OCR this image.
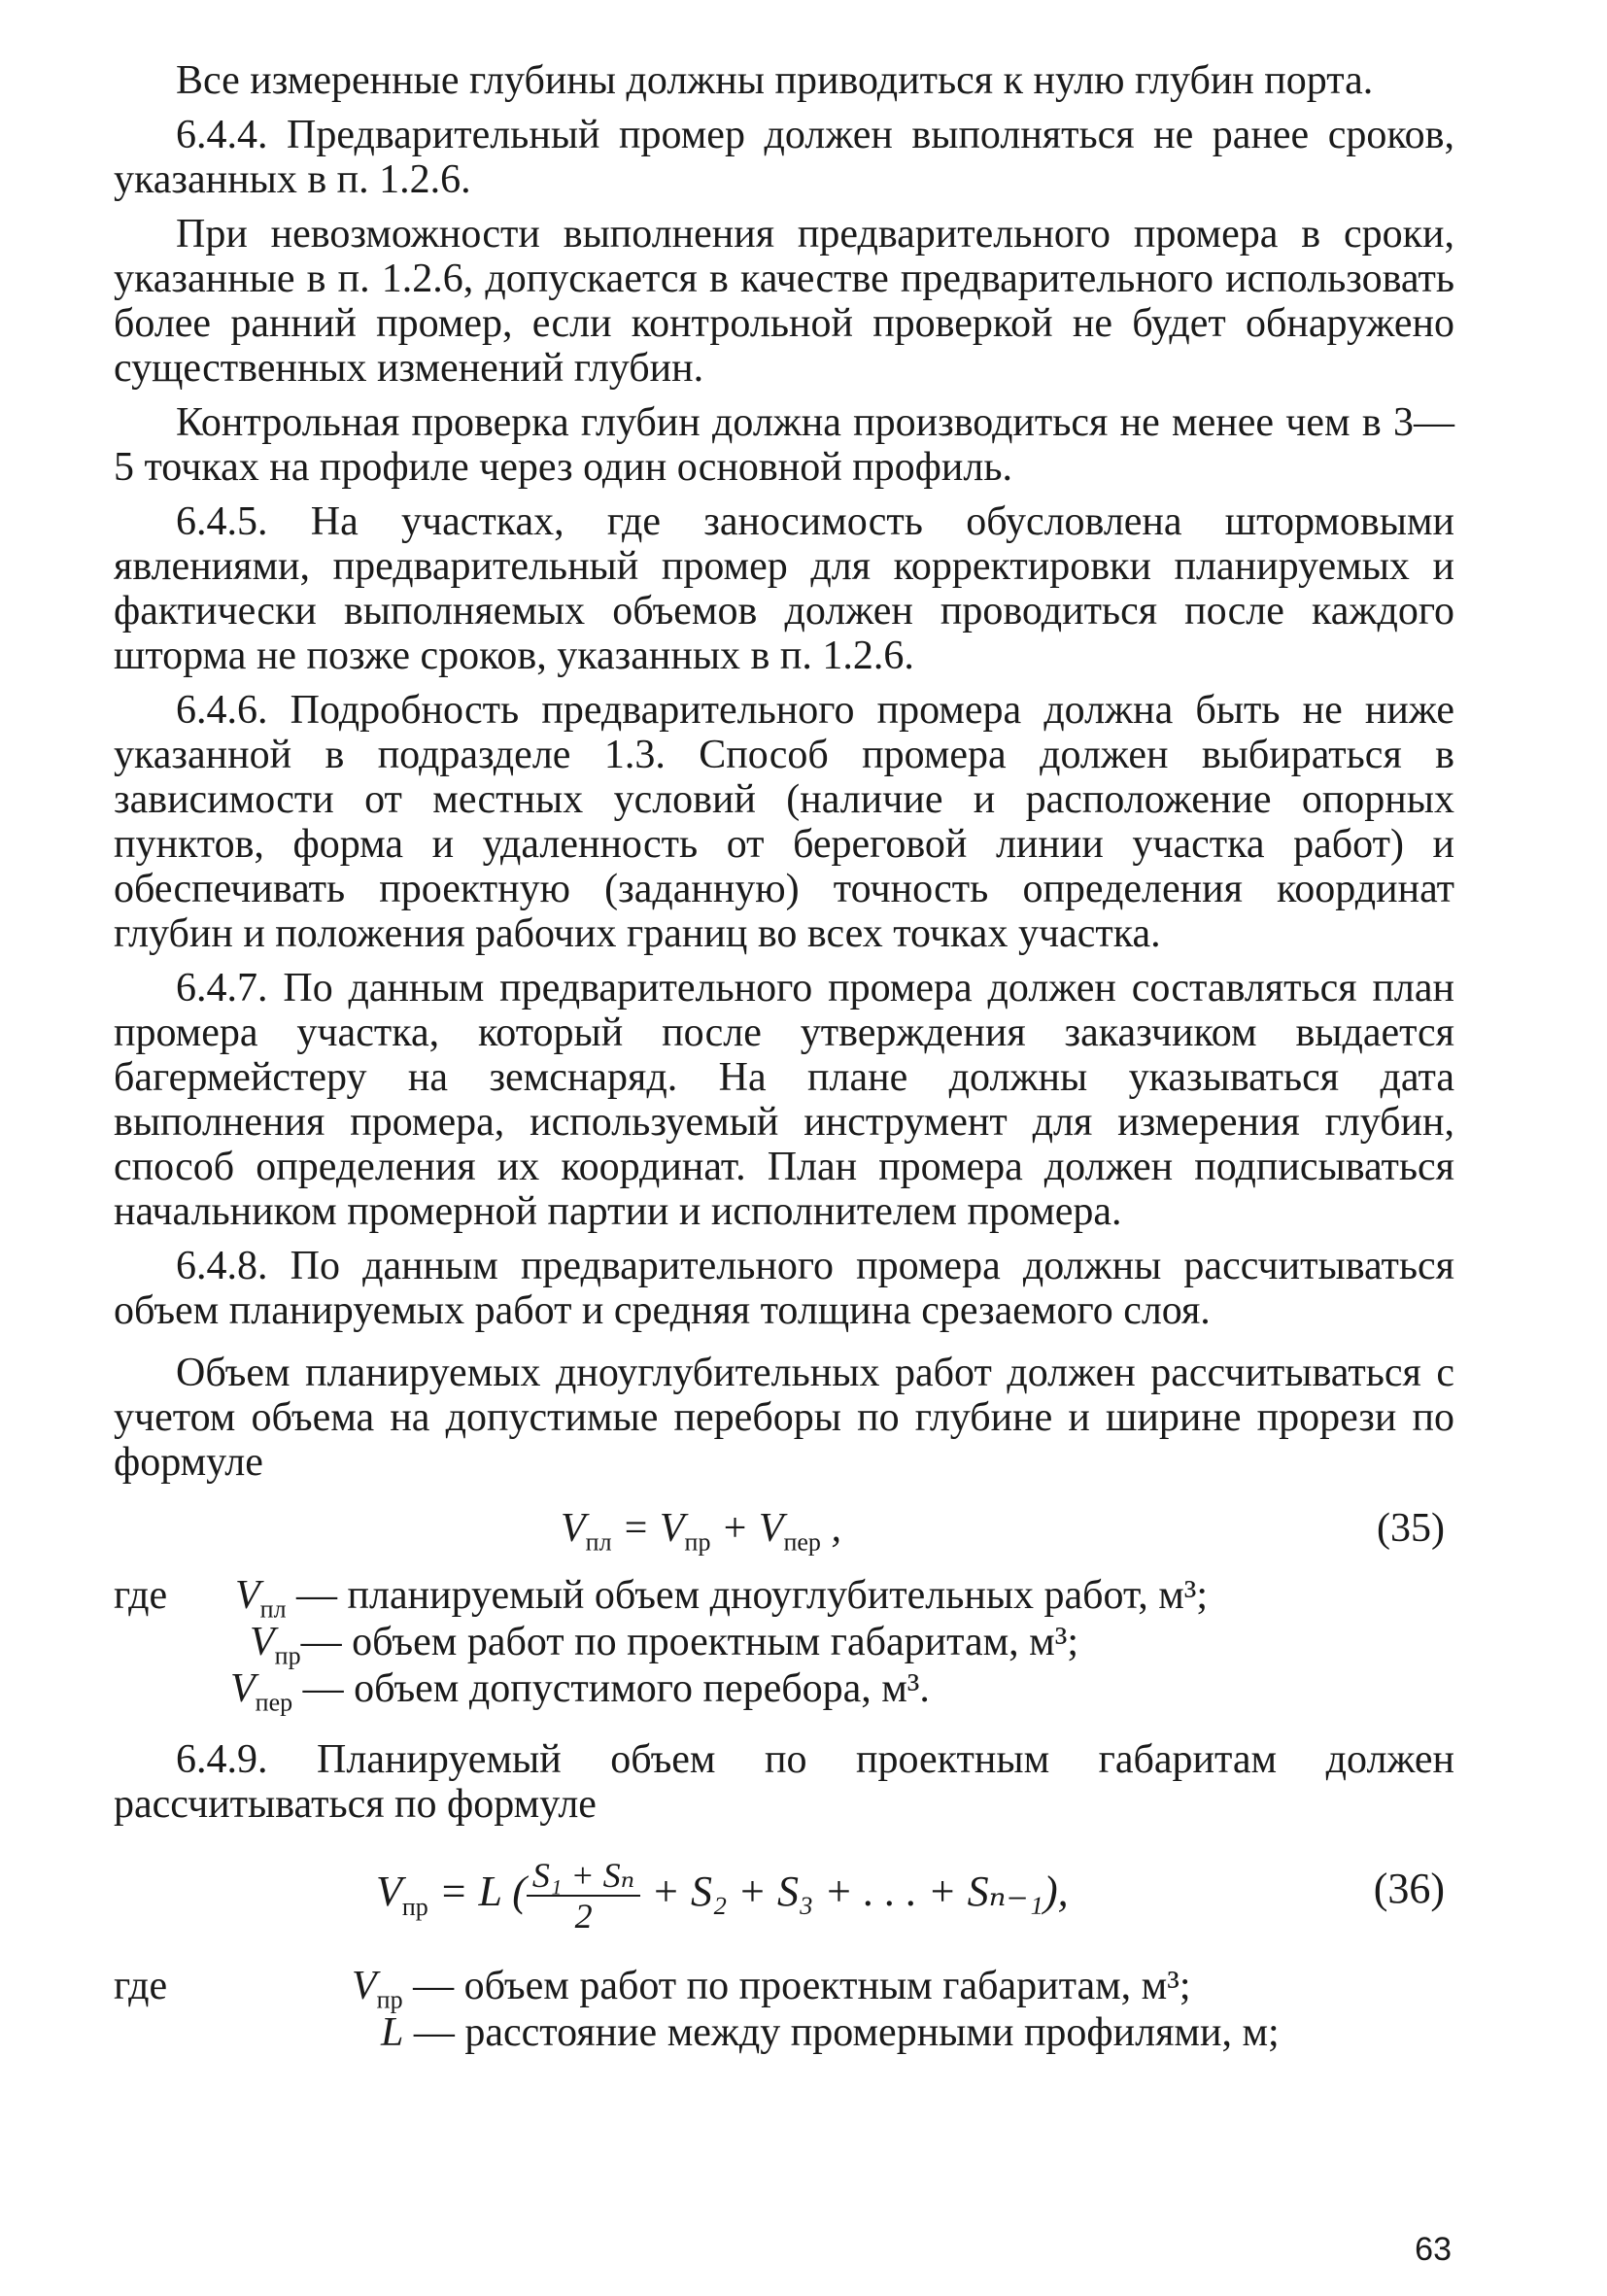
Все измеренные глубины должны приводиться к нулю глубин порта.

6.4.4. Предварительный промер должен выполняться не ранее сроков, указанных в п. 1.2.6.

При невозможности выполнения предварительного промера в сроки, указанные в п. 1.2.6, допускается в качестве предварительного использовать более ранний промер, если контрольной проверкой не будет обнаружено существенных изменений глубин.

Контрольная проверка глубин должна производиться не менее чем в 3—5 точках на профиле через один основной профиль.

6.4.5. На участках, где заносимость обусловлена штормовыми явлениями, предварительный промер для корректировки планируемых и фактически выполняемых объемов должен проводиться после каждого шторма не позже сроков, указанных в п. 1.2.6.

6.4.6. Подробность предварительного промера должна быть не ниже указанной в подразделе 1.3. Способ промера должен выбираться в зависимости от местных условий (наличие и расположение опорных пунктов, форма и удаленность от береговой линии участка работ) и обеспечивать проектную (заданную) точность определения координат глубин и положения рабочих границ во всех точках участка.

6.4.7. По данным предварительного промера должен составляться план промера участка, который после утверждения заказчиком выдается багермейстеру на земснаряд. На плане должны указываться дата выполнения промера, используемый инструмент для измерения глубин, способ определения их координат. План промера должен подписываться начальником промерной партии и исполнителем промера.

6.4.8. По данным предварительного промера должны рассчитываться объем планируемых работ и средняя толщина срезаемого слоя.

Объем планируемых дноуглубительных работ должен рассчитываться с учетом объема на допустимые переборы по глубине и ширине прорези по формуле

$V_{пл} = V_{пр} + V_{пер}$ ,	(35)
где $V_{пл}$ — планируемый объем дноуглубительных работ, м³;
$V_{пр}—$ объем работ по проектным габаритам, м³;
$V_{пер}$ — объем допустимого перебора, м³.

6.4.9. Планируемый объем по проектным габаритам должен рассчитываться по формуле

$V_{пр} = L$ ( $\frac{\text{S₁ + Sₙ}}{2} + S_2 + S_3$ + . . . + Sₙ₋₁),	(36)
где	$V_{пр}$ — объем работ по проектным габаритам, м³;
L — расстояние между промерными профилями, м;
63
